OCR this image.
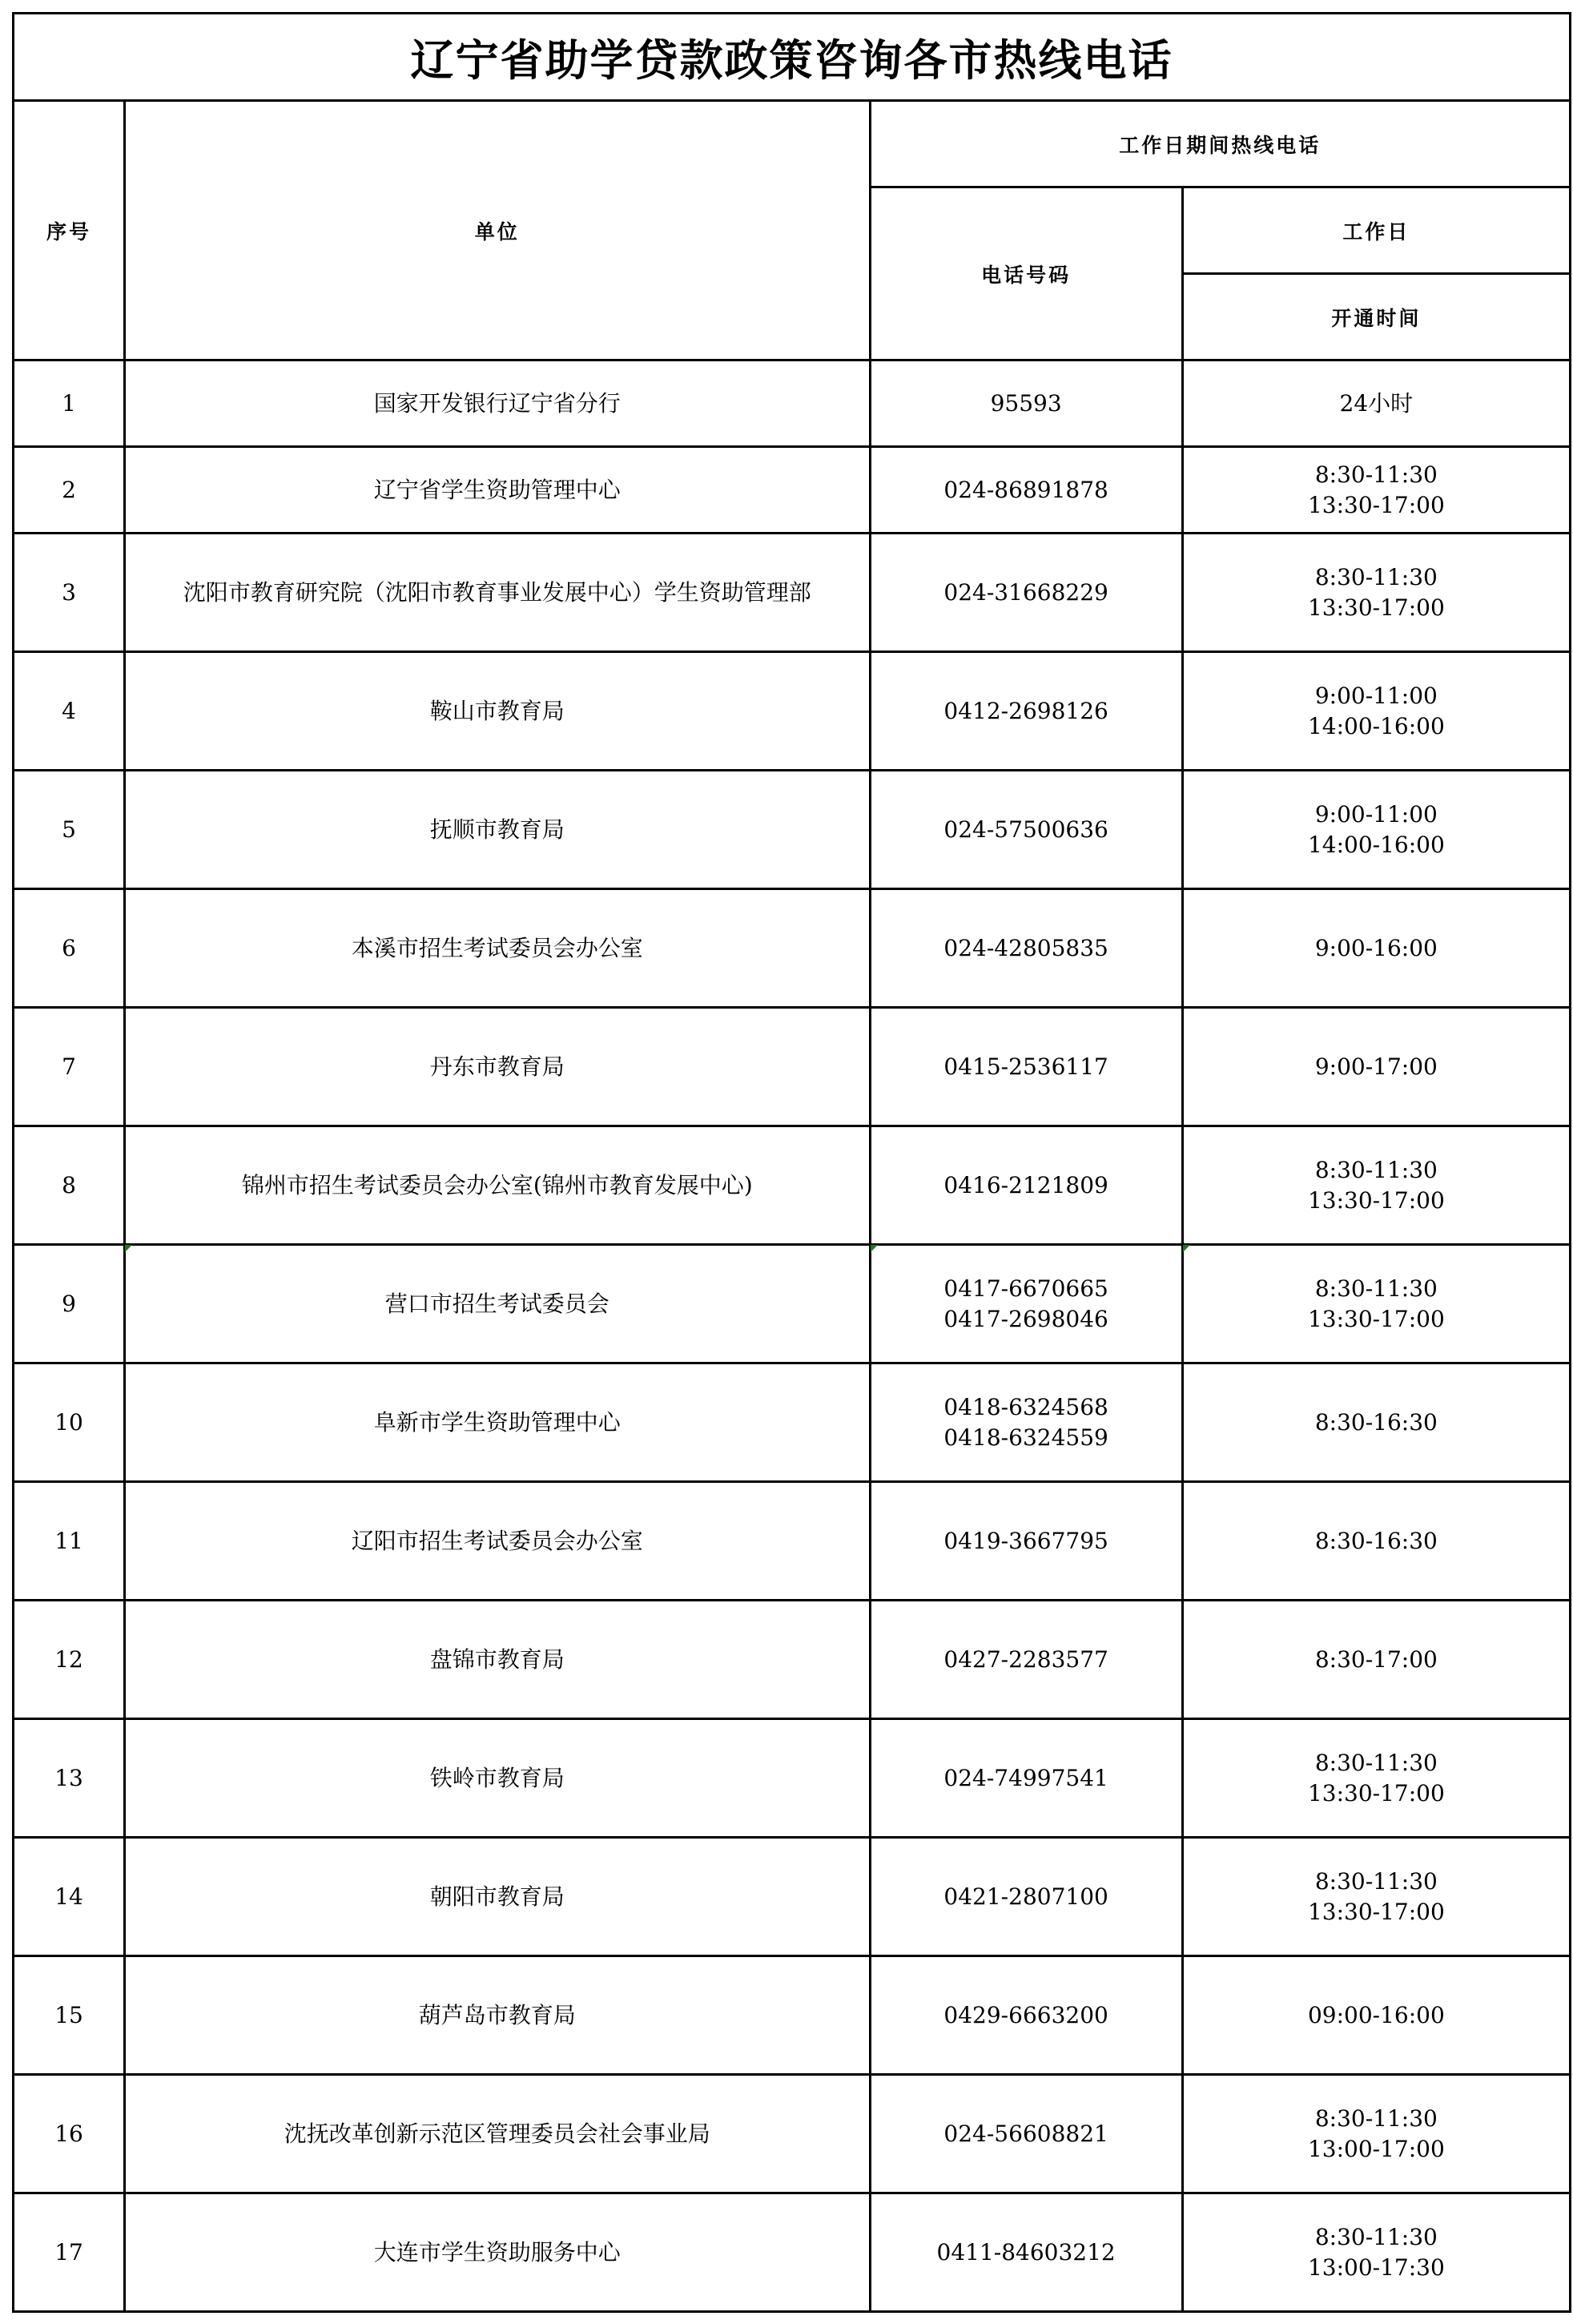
辽宁省助学贷款政策咨询各市热线电话			
序号	单位	工作日期间热线电话	
		电话号码	工作日
			开通时间
1	国家开发银行辽宁省分行	95593	24小时

2	辽宁省学生资助管理中心	024-86891878	8:30-11:30
13:30-17:00

3	沈阳市教育研究院（沈阳市教育事业发展中心）学生资助管理部	024-31668229	8:30-11:30
13:30-17:00

4	鞍山市教育局	0412-2698126	9:00-11:00
14:00-16:00

5	抚顺市教育局	024-57500636	9:00-11:00
14:00-16:00

6	本溪市招生考试委员会办公室	024-42805835	9:00-16:00

7	丹东市教育局	0415-2536117	9:00-17:00

8	锦州市招生考试委员会办公室(锦州市教育发展中心)	0416-2121809	8:30-11:30
13:30-17:00

9	营口市招生考试委员会	0417-6670665
0417-2698046	8:30-11:30
13:30-17:00

10	阜新市学生资助管理中心	0418-6324568
0418-6324559	8:30-16:30

11	辽阳市招生考试委员会办公室	0419-3667795	8:30-16:30

12	盘锦市教育局	0427-2283577	8:30-17:00

13	铁岭市教育局	024-74997541	8:30-11:30
13:30-17:00

14	朝阳市教育局	0421-2807100	8:30-11:30
13:30-17:00

15	葫芦岛市教育局	0429-6663200	09:00-16:00

16	沈抚改革创新示范区管理委员会社会事业局	024-56608821	8:30-11:30
13:00-17:00

17	大连市学生资助服务中心	0411-84603212	8:30-11:30
13:00-17:30
